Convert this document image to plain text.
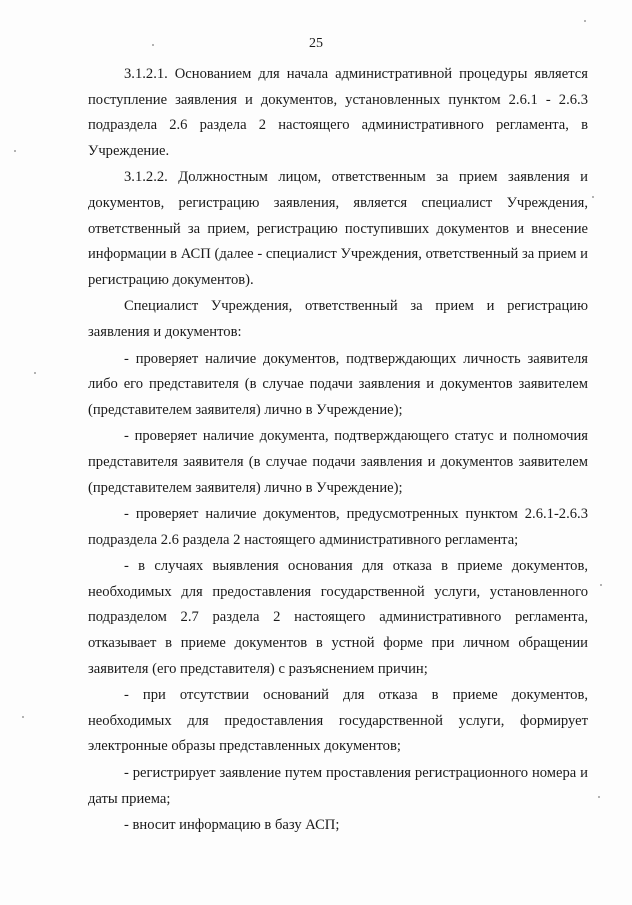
25

3.1.2.1. Основанием для начала административной процедуры является поступление заявления и документов, установленных пунктом 2.6.1 - 2.6.3 подраздела 2.6 раздела 2 настоящего административного регламента, в Учреждение.

3.1.2.2. Должностным лицом, ответственным за прием заявления и документов, регистрацию заявления, является специалист Учреждения, ответственный за прием, регистрацию поступивших документов и внесение информации в АСП (далее - специалист Учреждения, ответственный за прием и регистрацию документов).

Специалист Учреждения, ответственный за прием и регистрацию заявления и документов:

- проверяет наличие документов, подтверждающих личность заявителя либо его представителя (в случае подачи заявления и документов заявителем (представителем заявителя) лично в Учреждение);

- проверяет наличие документа, подтверждающего статус и полномочия представителя заявителя (в случае подачи заявления и документов заявителем (представителем заявителя) лично в Учреждение);

- проверяет наличие документов, предусмотренных пунктом 2.6.1-2.6.3 подраздела 2.6 раздела 2 настоящего административного регламента;

- в случаях выявления основания для отказа в приеме документов, необходимых для предоставления государственной услуги, установленного подразделом 2.7 раздела 2 настоящего административного регламента, отказывает в приеме документов в устной форме при личном обращении заявителя (его представителя) с разъяснением причин;

- при отсутствии оснований для отказа в приеме документов, необходимых для предоставления государственной услуги, формирует электронные образы представленных документов;

- регистрирует заявление путем проставления регистрационного номера и даты приема;

- вносит информацию в базу АСП;
